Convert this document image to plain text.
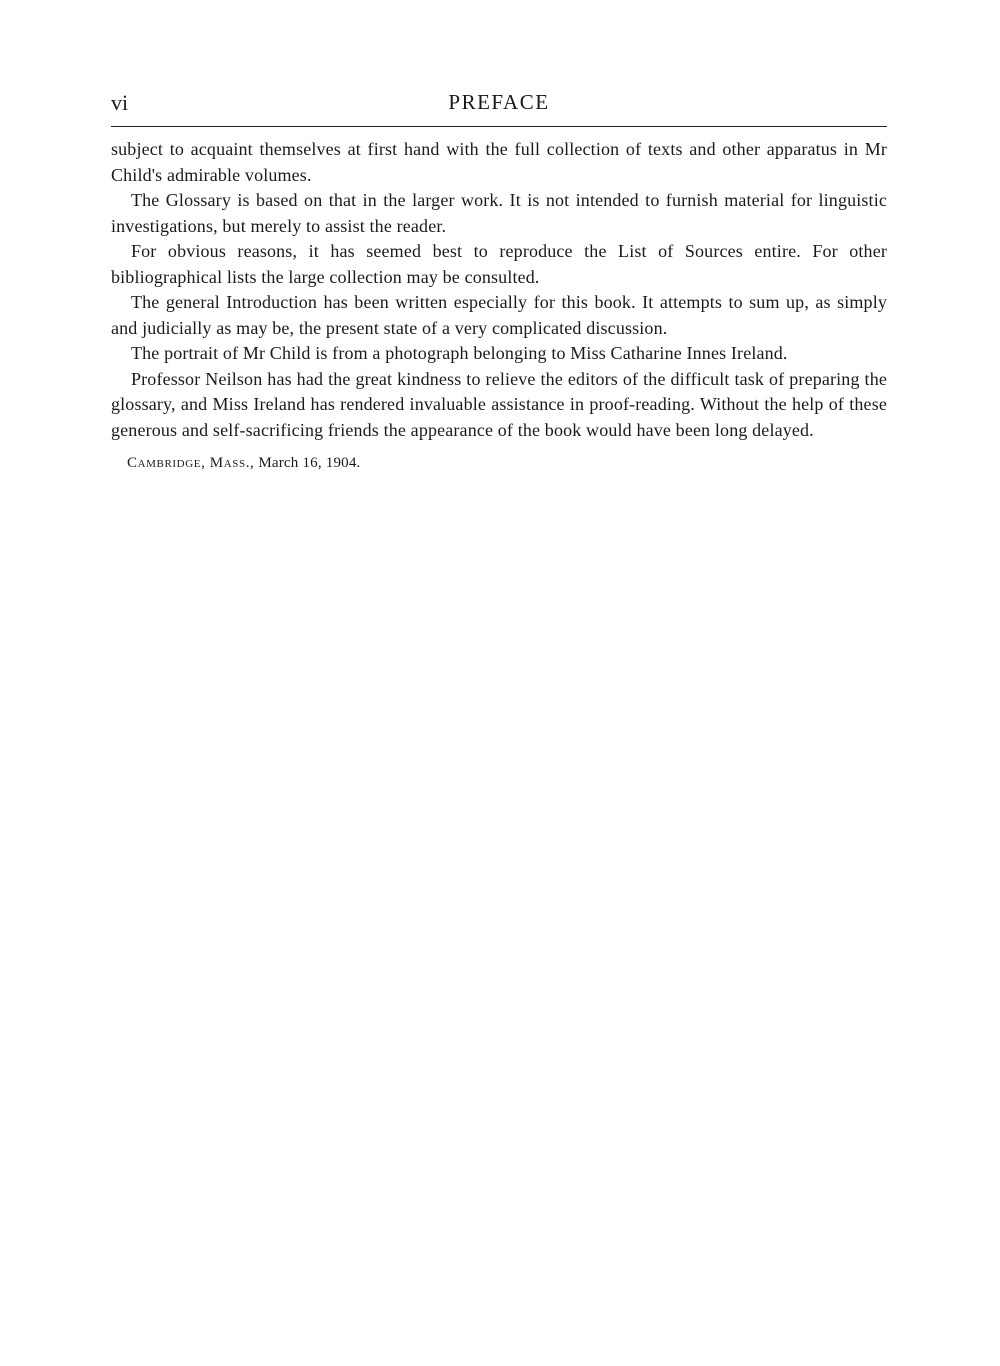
vi	PREFACE

subject to acquaint themselves at first hand with the full collection of texts and other apparatus in Mr Child's admirable volumes.

The Glossary is based on that in the larger work. It is not intended to furnish material for linguistic investigations, but merely to assist the reader.

For obvious reasons, it has seemed best to reproduce the List of Sources entire. For other bibliographical lists the large collection may be consulted.

The general Introduction has been written especially for this book. It attempts to sum up, as simply and judicially as may be, the present state of a very complicated discussion.

The portrait of Mr Child is from a photograph belonging to Miss Catharine Innes Ireland.

Professor Neilson has had the great kindness to relieve the editors of the difficult task of preparing the glossary, and Miss Ireland has rendered invaluable assistance in proof-reading. Without the help of these generous and self-sacrificing friends the appearance of the book would have been long delayed.

Cambridge, Mass., March 16, 1904.
